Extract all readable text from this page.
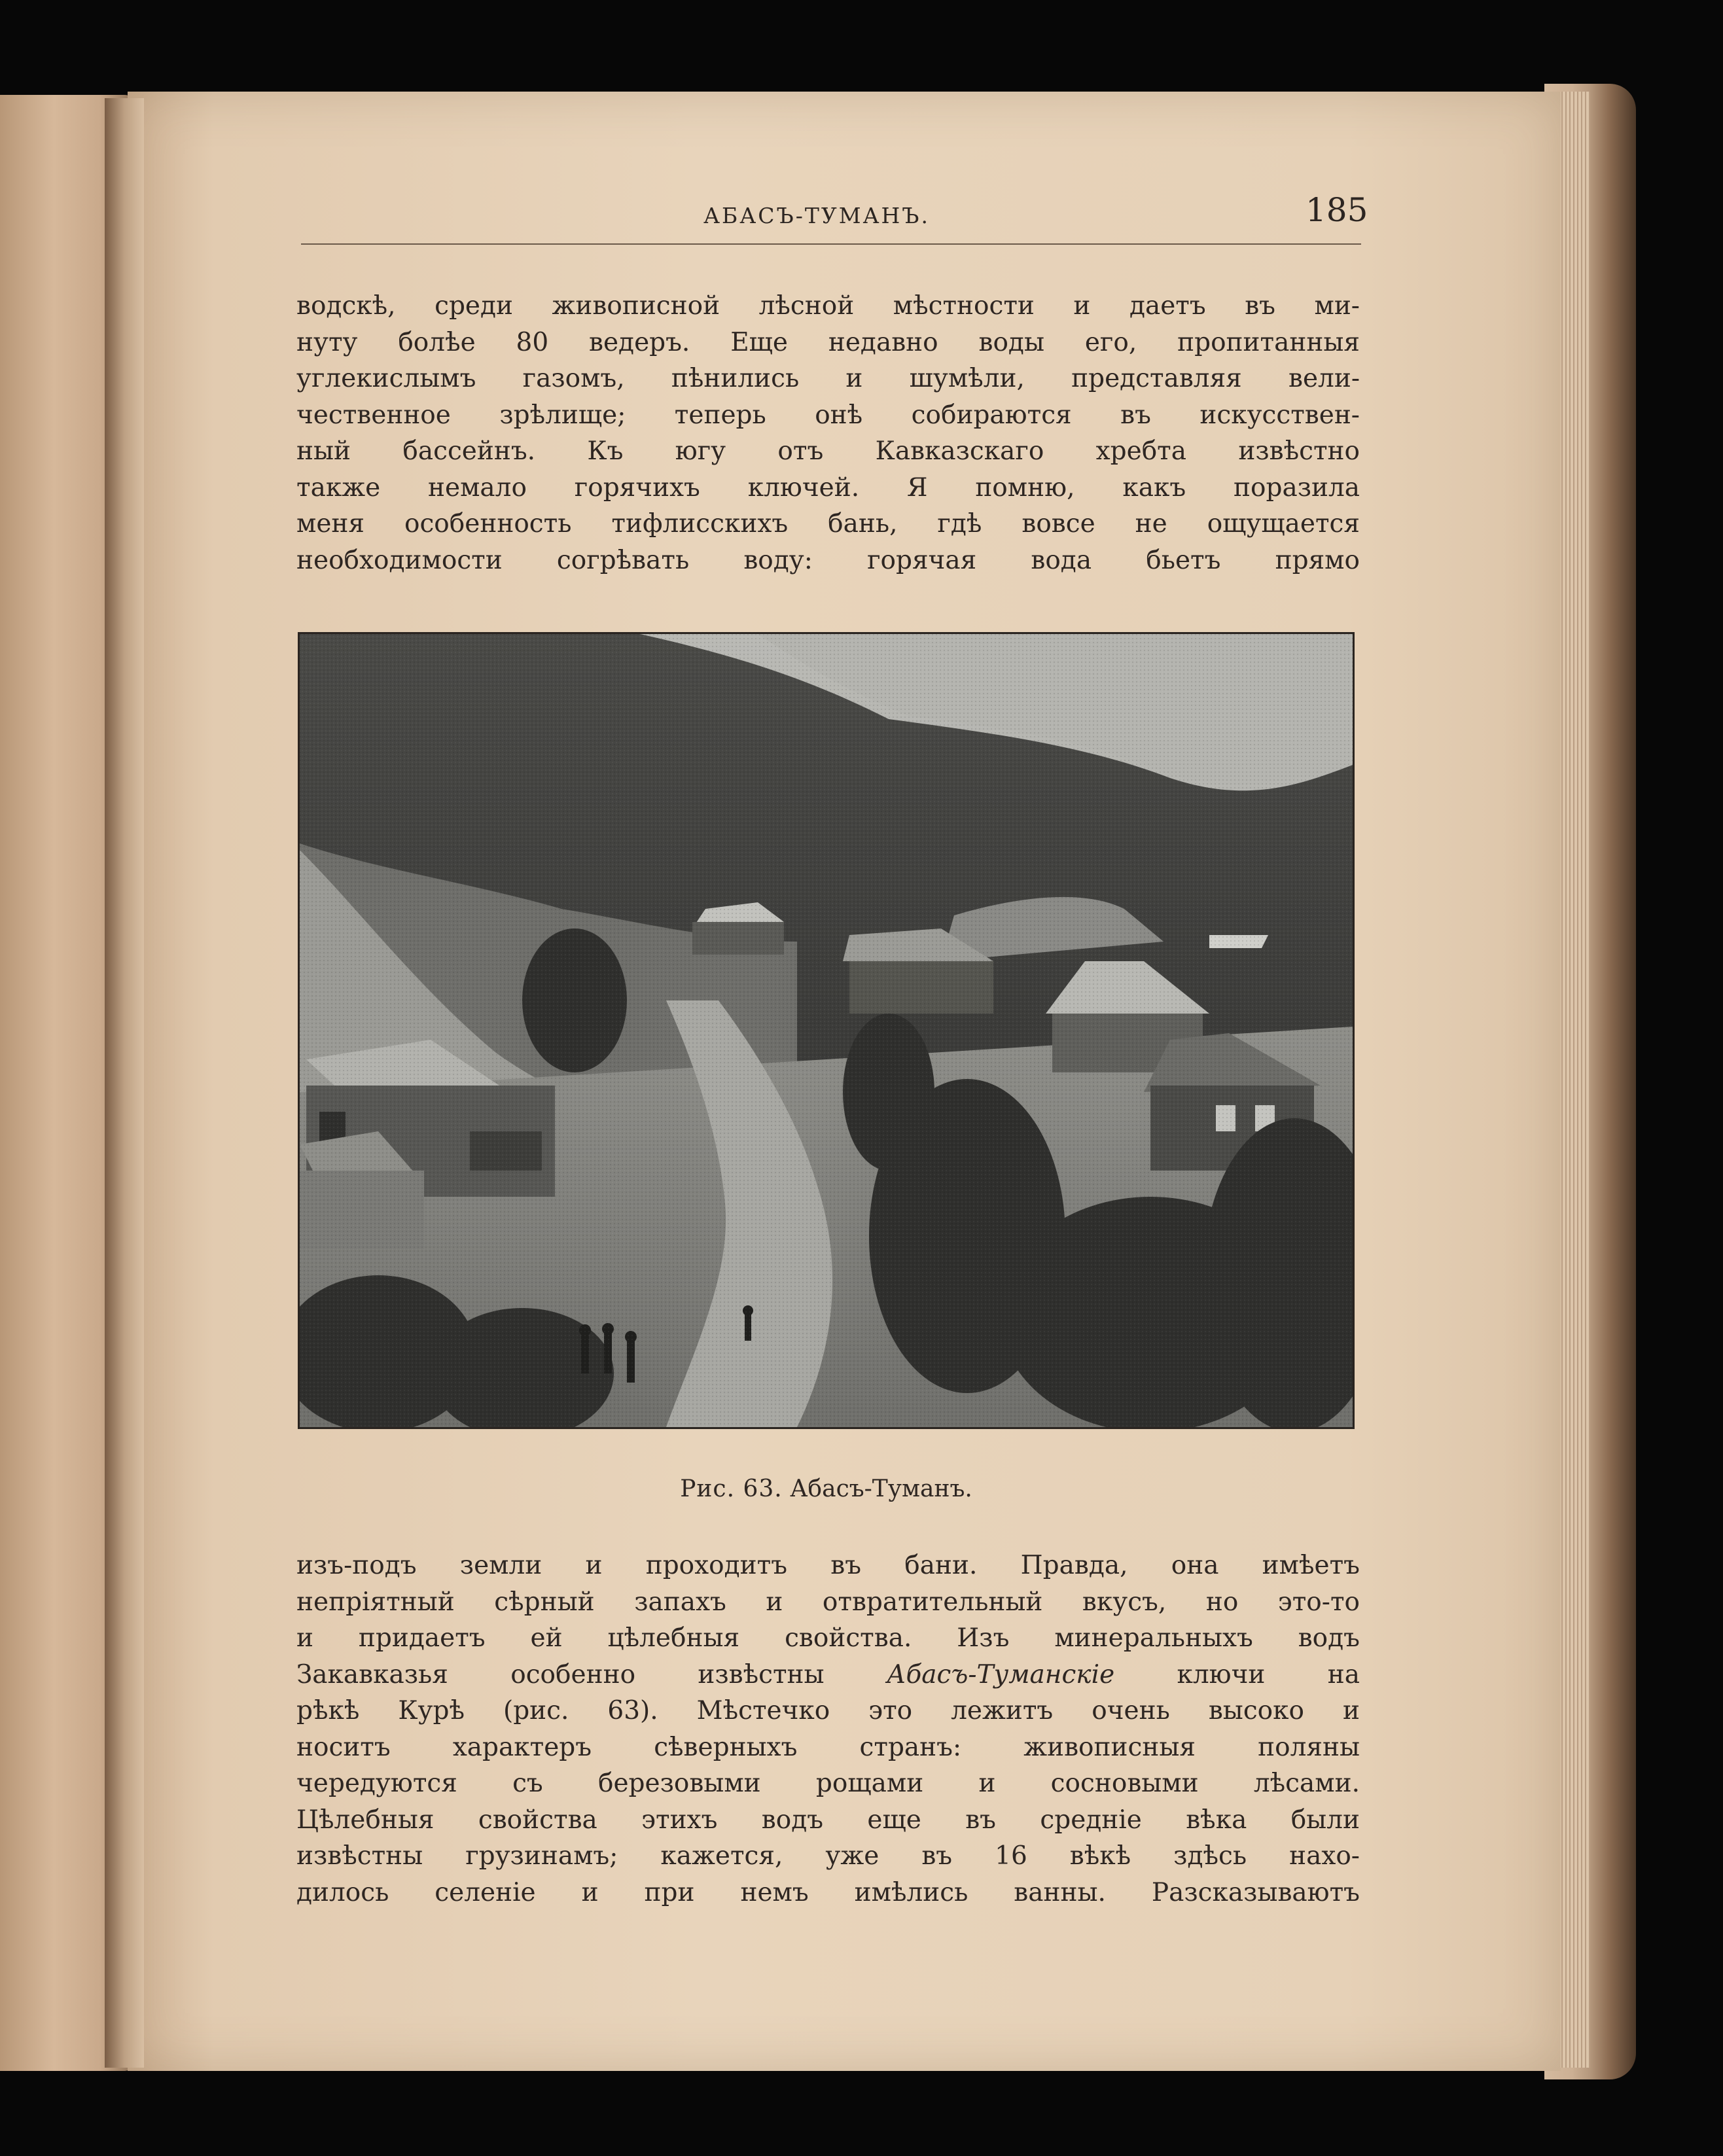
АБАСЪ-ТУМАНЪ.	185
водскѣ, среди живописной лѣсной мѣстности и даетъ въ ми-
нуту болѣе 80 ведеръ. Еще недавно воды его, пропитанныя
углекислымъ газомъ, пѣнились и шумѣли, представляя вели-
чественное зрѣлище; теперь онѣ собираются въ искусствен-
ный бассейнъ. Къ югу отъ Кавказскаго хребта извѣстно
также немало горячихъ ключей. Я помню, какъ поразила
меня особенность тифлисскихъ бань, гдѣ вовсе не ощущается
необходимости согрѣвать воду: горячая вода бьетъ прямо
Рис. 63. Абасъ-Туманъ.
изъ-подъ земли и проходитъ въ бани. Правда, она имѣетъ
непріятный сѣрный запахъ и отвратительный вкусъ, но это-то
и придаетъ ей цѣлебныя свойства. Изъ минеральныхъ водъ
Закавказья особенно извѣстны Абасъ-Туманскіе ключи на
рѣкѣ Курѣ (рис. 63). Мѣстечко это лежитъ очень высоко и
носитъ характеръ сѣверныхъ странъ: живописныя поляны
чередуются съ березовыми рощами и сосновыми лѣсами.
Цѣлебныя свойства этихъ водъ еще въ средніе вѣка были
извѣстны грузинамъ; кажется, уже въ 16 вѣкѣ здѣсь нахо-
дилось селеніе и при немъ имѣлись ванны. Разсказываютъ
